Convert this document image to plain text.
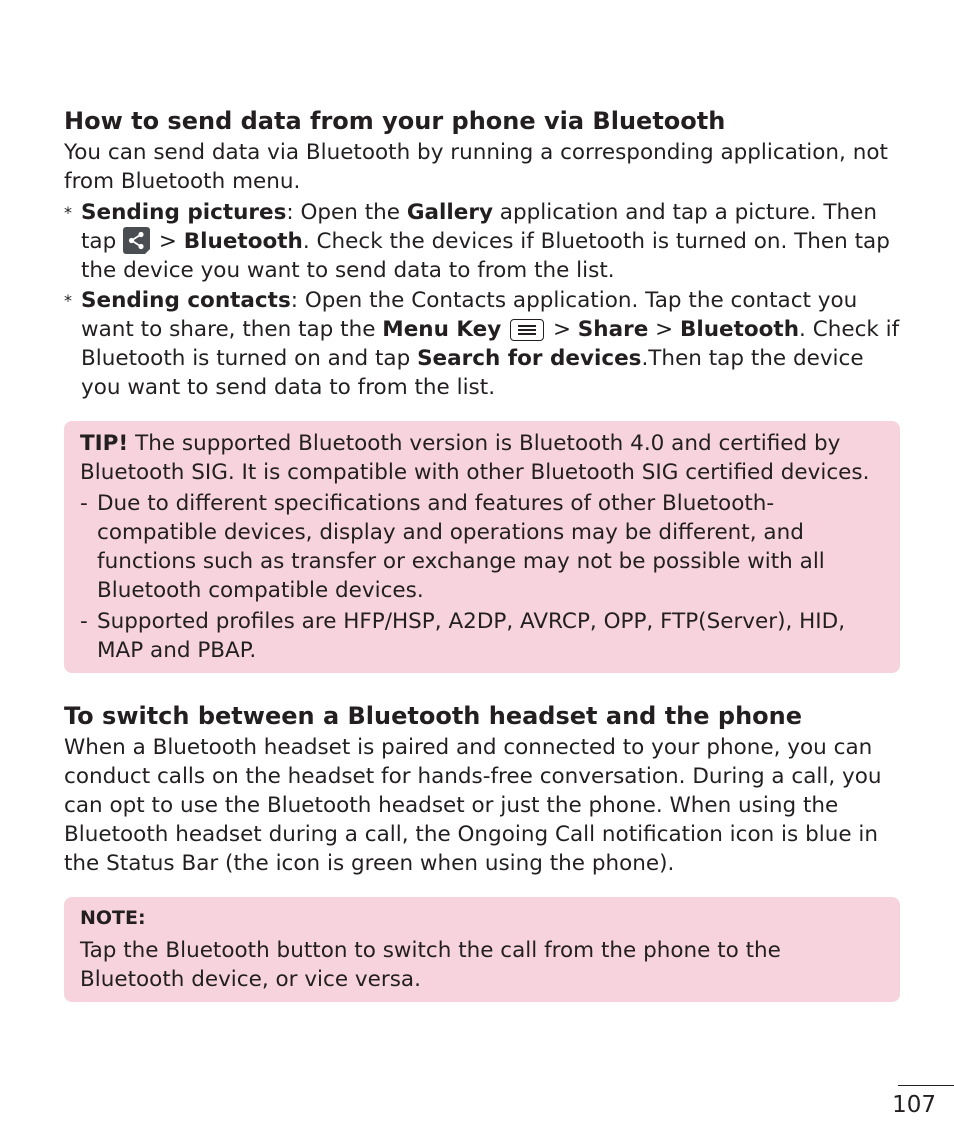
How to send data from your phone via Bluetooth

You can send data via Bluetooth by running a corresponding application, not from Bluetooth menu.

* Sending pictures: Open the Gallery application and tap a picture. Then tap
> Bluetooth. Check the devices if Bluetooth is turned on. Then tap the device you want to send data to from the list.
* Sending contacts: Open the Contacts application. Tap the contact you want to share, then tap the Menu Key
> Share > Bluetooth. Check if Bluetooth is turned on and tap Search for devices.Then tap the device you want to send data to from the list.

TIP! The supported Bluetooth version is Bluetooth 4.0 and certified by Bluetooth SIG. It is compatible with other Bluetooth SIG certified devices.

- Due to different specifications and features of other Bluetooth-compatible devices, display and operations may be different, and functions such as transfer or exchange may not be possible with all Bluetooth compatible devices.
- Supported profiles are HFP/HSP, A2DP, AVRCP, OPP, FTP(Server), HID, MAP and PBAP.
To switch between a Bluetooth headset and the phone

When a Bluetooth headset is paired and connected to your phone, you can conduct calls on the headset for hands-free conversation. During a call, you can opt to use the Bluetooth headset or just the phone. When using the Bluetooth headset during a call, the Ongoing Call notification icon is blue in the Status Bar (the icon is green when using the phone).

NOTE:

Tap the Bluetooth button to switch the call from the phone to the Bluetooth device, or vice versa.

107
